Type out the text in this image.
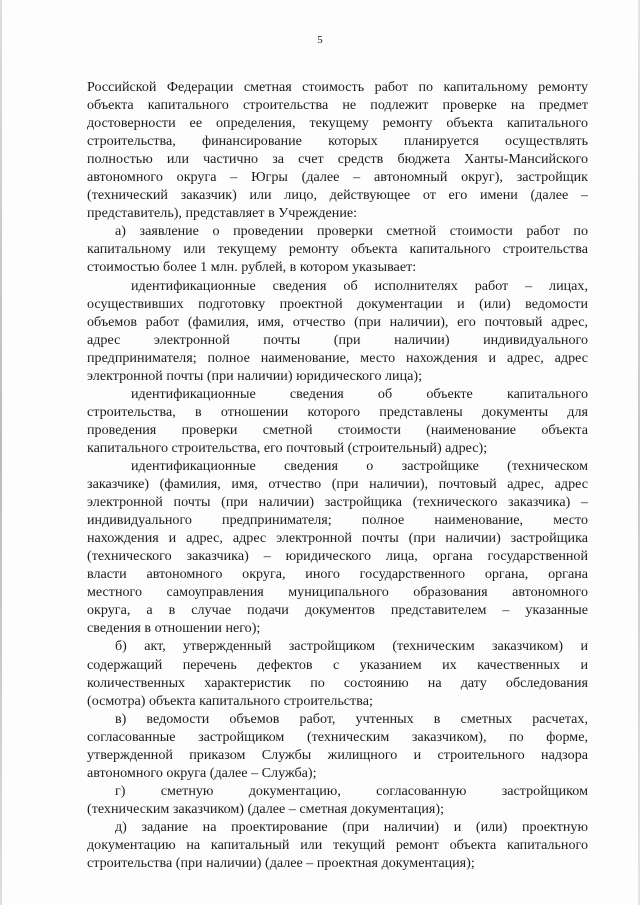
5
Российской Федерации сметная стоимость работ по капитальному ремонту
объекта капитального строительства не подлежит проверке на предмет
достоверности ее определения, текущему ремонту объекта капитального
строительства, финансирование которых планируется осуществлять
полностью или частично за счет средств бюджета Ханты-Мансийского
автономного округа – Югры (далее – автономный округ), застройщик
(технический заказчик) или лицо, действующее от его имени (далее –
представитель), представляет в Учреждение:
а) заявление о проведении проверки сметной стоимости работ по
капитальному или текущему ремонту объекта капитального строительства
стоимостью более 1 млн. рублей, в котором указывает:
идентификационные сведения об исполнителях работ – лицах,
осуществивших подготовку проектной документации и (или) ведомости
объемов работ (фамилия, имя, отчество (при наличии), его почтовый адрес,
адрес электронной почты (при наличии) индивидуального
предпринимателя; полное наименование, место нахождения и адрес, адрес
электронной почты (при наличии) юридического лица);
идентификационные сведения об объекте капитального
строительства, в отношении которого представлены документы для
проведения проверки сметной стоимости (наименование объекта
капитального строительства, его почтовый (строительный) адрес);
идентификационные сведения о застройщике (техническом
заказчике) (фамилия, имя, отчество (при наличии), почтовый адрес, адрес
электронной почты (при наличии) застройщика (технического заказчика) –
индивидуального предпринимателя; полное наименование, место
нахождения и адрес, адрес электронной почты (при наличии) застройщика
(технического заказчика) – юридического лица, органа государственной
власти автономного округа, иного государственного органа, органа
местного самоуправления муниципального образования автономного
округа, а в случае подачи документов представителем – указанные
сведения в отношении него);
б) акт, утвержденный застройщиком (техническим заказчиком) и
содержащий перечень дефектов с указанием их качественных и
количественных характеристик по состоянию на дату обследования
(осмотра) объекта капитального строительства;
в) ведомости объемов работ, учтенных в сметных расчетах,
согласованные застройщиком (техническим заказчиком), по форме,
утвержденной приказом Службы жилищного и строительного надзора
автономного округа (далее – Служба);
г) сметную документацию, согласованную застройщиком
(техническим заказчиком) (далее – сметная документация);
д) задание на проектирование (при наличии) и (или) проектную
документацию на капитальный или текущий ремонт объекта капитального
строительства (при наличии) (далее – проектная документация);
